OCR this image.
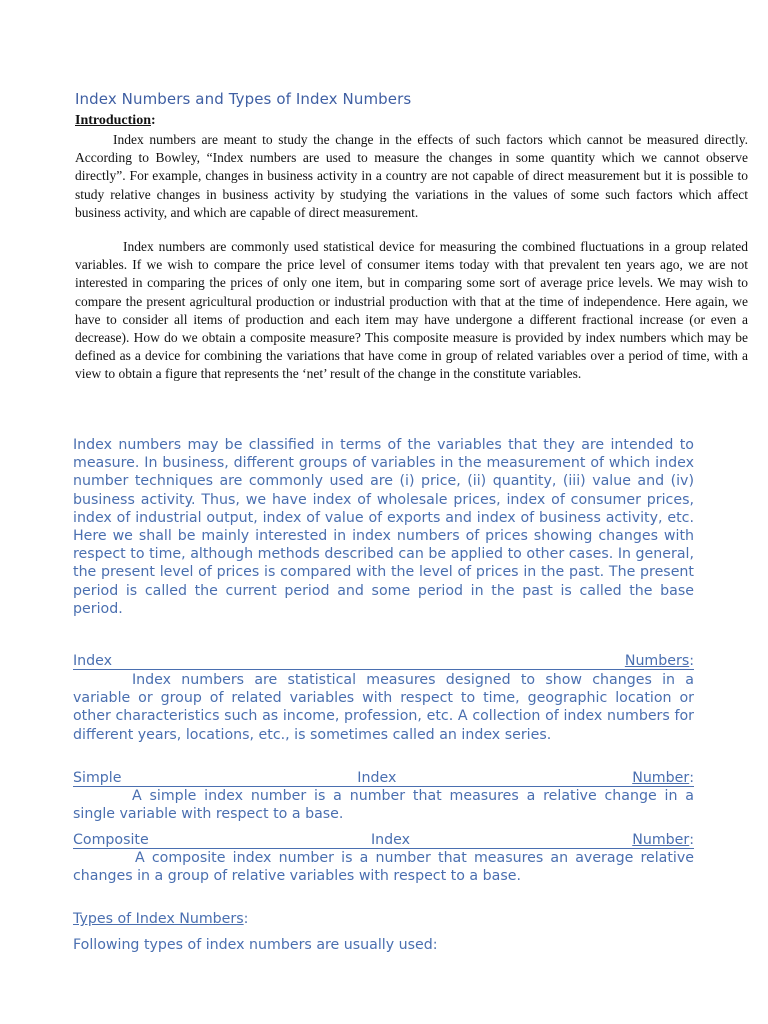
Index Numbers and Types of Index Numbers
Introduction:

Index numbers are meant to study the change in the effects of such factors which cannot be measured directly. According to Bowley, “Index numbers are used to measure the changes in some quantity which we cannot observe directly”. For example, changes in business activity in a country are not capable of direct measurement but it is possible to study relative changes in business activity by studying the variations in the values of some such factors which affect business activity, and which are capable of direct measurement.

Index numbers are commonly used statistical device for measuring the combined fluctuations in a group related variables. If we wish to compare the price level of consumer items today with that prevalent ten years ago, we are not interested in comparing the prices of only one item, but in comparing some sort of average price levels. We may wish to compare the present agricultural production or industrial production with that at the time of independence. Here again, we have to consider all items of production and each item may have undergone a different fractional increase (or even a decrease). How do we obtain a composite measure? This composite measure is provided by index numbers which may be defined as a device for combining the variations that have come in group of related variables over a period of time, with a view to obtain a figure that represents the ‘net’ result of the change in the constitute variables.

Index numbers may be classified in terms of the variables that they are intended to measure. In business, different groups of variables in the measurement of which index number techniques are commonly used are (i) price, (ii) quantity, (iii) value and (iv) business activity. Thus, we have index of wholesale prices, index of consumer prices, index of industrial output, index of value of exports and index of business activity, etc. Here we shall be mainly interested in index numbers of prices showing changes with respect to time, although methods described can be applied to other cases. In general, the present level of prices is compared with the level of prices in the past. The present period is called the current period and some period in the past is called the base period.

Index	Numbers :

Index numbers are statistical measures designed to show changes in a variable or group of related variables with respect to time, geographic location or other characteristics such as income, profession, etc. A collection of index numbers for different years, locations, etc., is sometimes called an index series.

Simple	Index	Number :

A simple index number is a number that measures a relative change in a single variable with respect to a base.

Composite	Index	Number :

A composite index number is a number that measures an average relative changes in a group of relative variables with respect to a base.

Types of Index Numbers:
Following types of index numbers are usually used:
